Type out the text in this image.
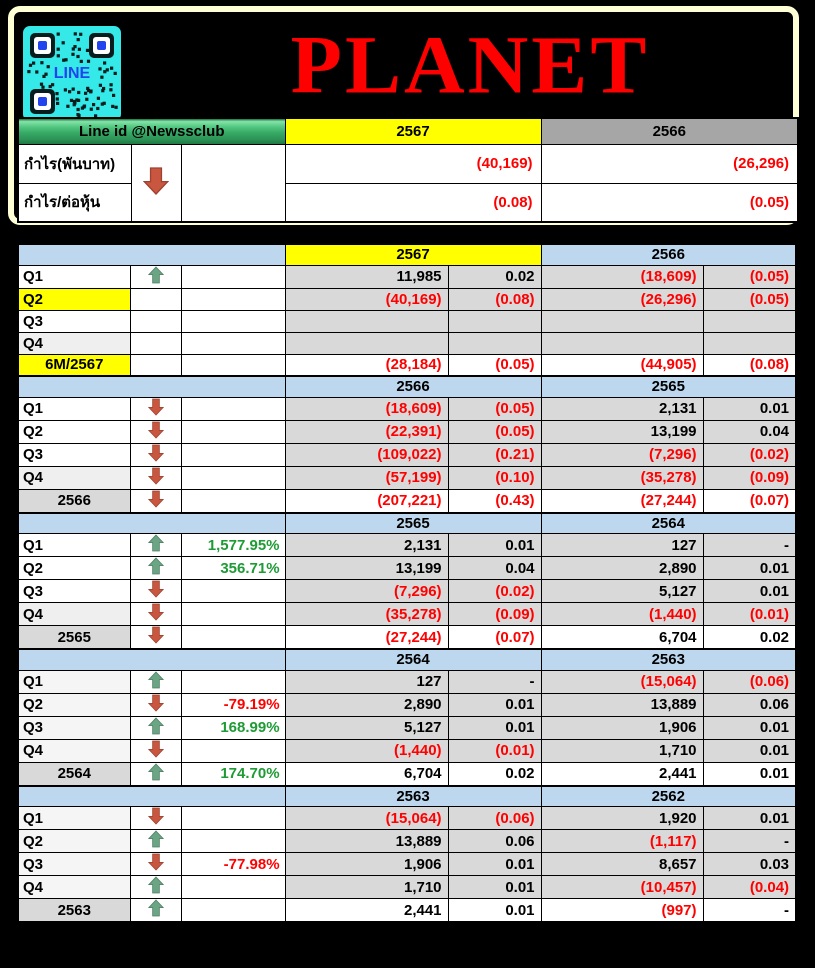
LINE	PLANET
Line id @Newssclub			2567	2566
กำไร(พันบาท)			(40,169)	(26,296)
กำไร/ต่อหุ้น			(0.08)	(0.05)
			2567		2566	
Q1			11,985	0.02	(18,609)	(0.05)
Q2			(40,169)	(0.08)	(26,296)	(0.05)
Q3						
Q4						
6M/2567			(28,184)	(0.05)	(44,905)	(0.08)
			2566		2565	
Q1			(18,609)	(0.05)	2,131	0.01
Q2			(22,391)	(0.05)	13,199	0.04
Q3			(109,022)	(0.21)	(7,296)	(0.02)
Q4			(57,199)	(0.10)	(35,278)	(0.09)
2566			(207,221)	(0.43)	(27,244)	(0.07)
			2565		2564	
Q1		1,577.95%	2,131	0.01	127	-
Q2		356.71%	13,199	0.04	2,890	0.01
Q3			(7,296)	(0.02)	5,127	0.01
Q4			(35,278)	(0.09)	(1,440)	(0.01)
2565			(27,244)	(0.07)	6,704	0.02
			2564		2563	
Q1			127	-	(15,064)	(0.06)
Q2		-79.19%	2,890	0.01	13,889	0.06
Q3		168.99%	5,127	0.01	1,906	0.01
Q4			(1,440)	(0.01)	1,710	0.01
2564		174.70%	6,704	0.02	2,441	0.01
			2563		2562	
Q1			(15,064)	(0.06)	1,920	0.01
Q2			13,889	0.06	(1,117)	-
Q3		-77.98%	1,906	0.01	8,657	0.03
Q4			1,710	0.01	(10,457)	(0.04)
2563			2,441	0.01	(997)	-
